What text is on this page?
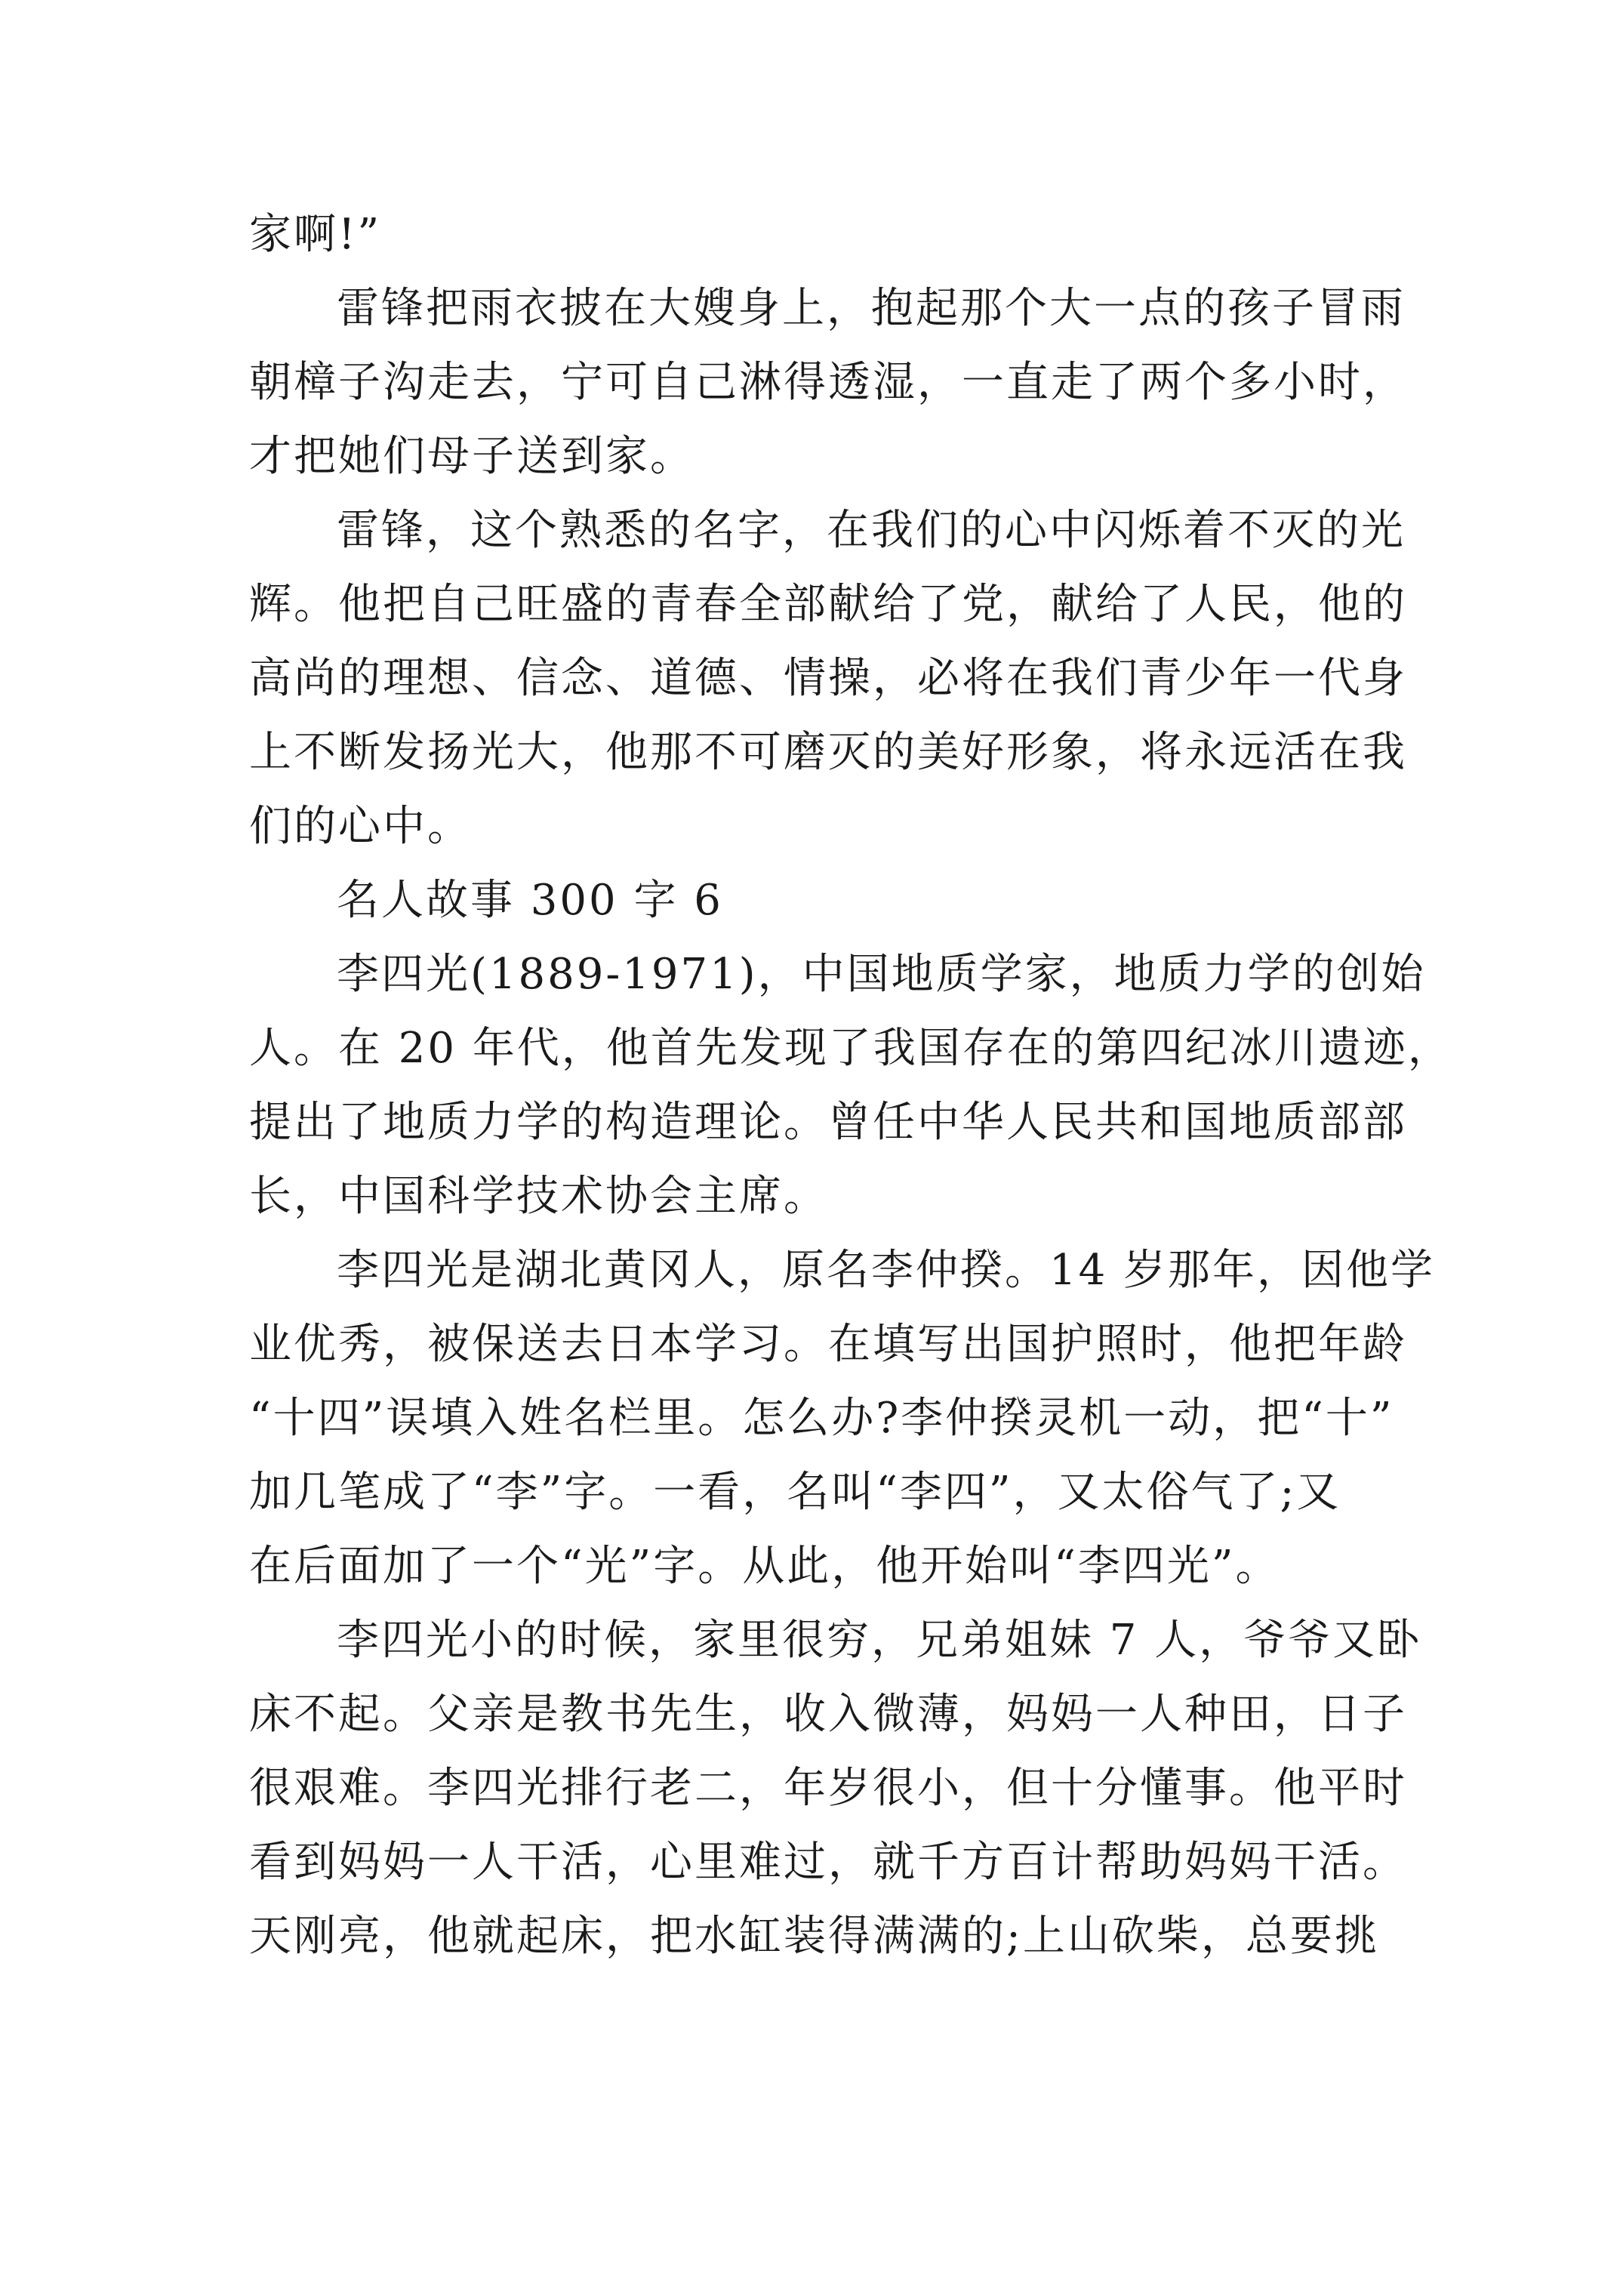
家啊!”
雷锋把雨衣披在大嫂身上，抱起那个大一点的孩子冒雨
朝樟子沟走去，宁可自己淋得透湿，一直走了两个多小时，
才把她们母子送到家。
雷锋，这个熟悉的名字，在我们的心中闪烁着不灭的光
辉。他把自己旺盛的青春全部献给了党，献给了人民，他的
高尚的理想、信念、道德、情操，必将在我们青少年一代身
上不断发扬光大，他那不可磨灭的美好形象，将永远活在我
们的心中。
名人故事 300 字 6
李四光(1889-1971)，中国地质学家，地质力学的创始
人。在 20 年代，他首先发现了我国存在的第四纪冰川遗迹，
提出了地质力学的构造理论。曾任中华人民共和国地质部部
长，中国科学技术协会主席。
李四光是湖北黄冈人，原名李仲揆。14 岁那年，因他学
业优秀，被保送去日本学习。在填写出国护照时，他把年龄
“十四”误填入姓名栏里。怎么办?李仲揆灵机一动，把“十”
加几笔成了“李”字。一看，名叫“李四”，又太俗气了;又
在后面加了一个“光”字。从此，他开始叫“李四光”。
李四光小的时候，家里很穷，兄弟姐妹 7 人，爷爷又卧
床不起。父亲是教书先生，收入微薄，妈妈一人种田，日子
很艰难。李四光排行老二，年岁很小，但十分懂事。他平时
看到妈妈一人干活，心里难过，就千方百计帮助妈妈干活。
天刚亮，他就起床，把水缸装得满满的;上山砍柴，总要挑
